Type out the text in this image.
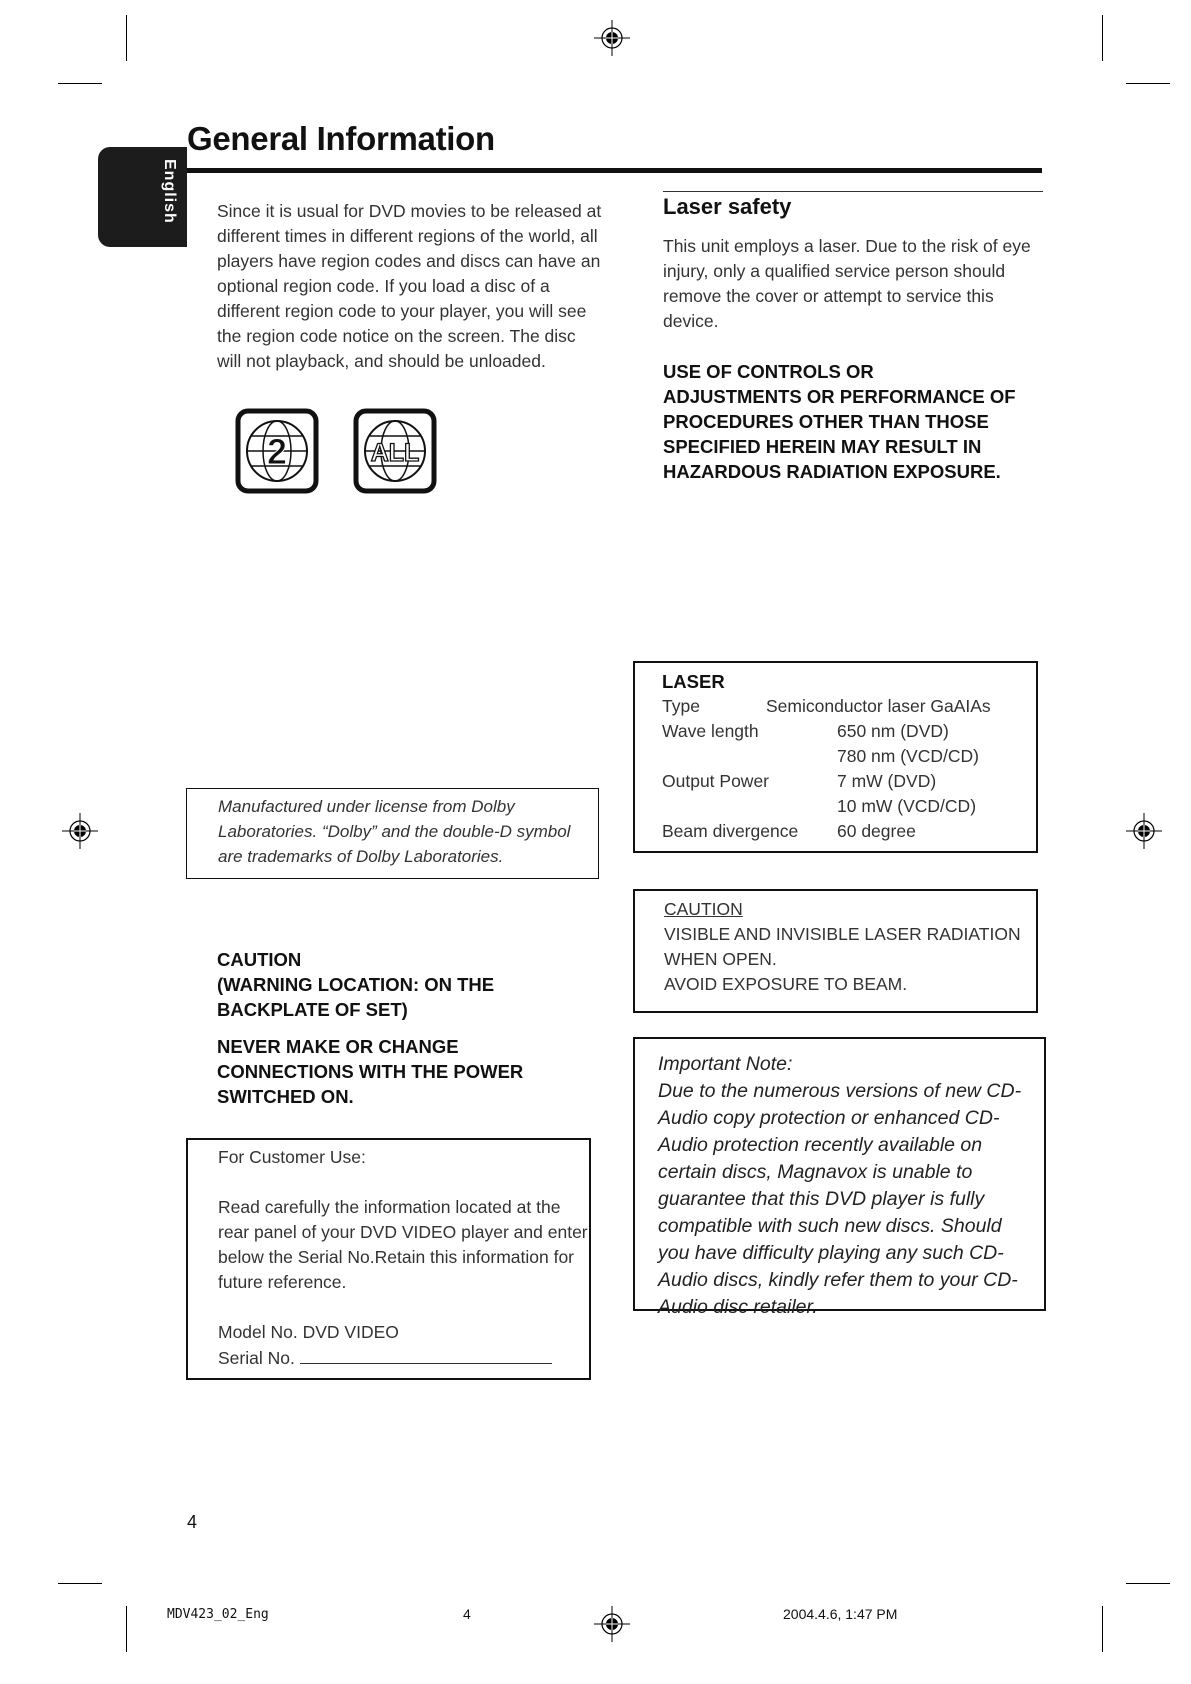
English
General Information
Since it is usual for DVD movies to be released at different times in different regions of the world, all players have region codes and discs can have an optional region code. If you load a disc of a different region code to your player, you will see the region code notice on the screen. The disc will not playback, and should be unloaded.
2	ALL
Laser safety
This unit employs a laser. Due to the risk of eye injury, only a qualified service person should remove the cover or attempt to service this device.
USE OF CONTROLS OR
ADJUSTMENTS OR PERFORMANCE OF
PROCEDURES OTHER THAN THOSE
SPECIFIED HEREIN MAY RESULT IN
HAZARDOUS RADIATION EXPOSURE.
LASER
Type	Semiconductor laser GaAIAs
Wave length	650 nm (DVD)
780 nm (VCD/CD)
Output Power	7 mW (DVD)
10 mW (VCD/CD)
Beam divergence 60 degree
Manufactured under license from Dolby Laboratories. “Dolby” and the double-D symbol are trademarks of Dolby Laboratories.
CAUTION
VISIBLE AND INVISIBLE LASER RADIATION
WHEN OPEN.
AVOID EXPOSURE TO BEAM.
Important Note:
Due to the numerous versions of new CD-Audio copy protection or enhanced CD-Audio protection recently available on certain discs, Magnavox is unable to guarantee that this DVD player is fully compatible with such new discs. Should you have difficulty playing any such CD-Audio discs, kindly refer them to your CD-Audio disc retailer.
CAUTION
(WARNING LOCATION: ON THE
BACKPLATE OF SET)
NEVER MAKE OR CHANGE
CONNECTIONS WITH THE POWER
SWITCHED ON.
For Customer Use:
Read carefully the information located at the rear panel of your DVD VIDEO player and enter below the Serial No.Retain this information for future reference.
Model No. DVD VIDEO
Serial No.
4
MDV423_02_Eng	4	2004.4.6, 1:47 PM
